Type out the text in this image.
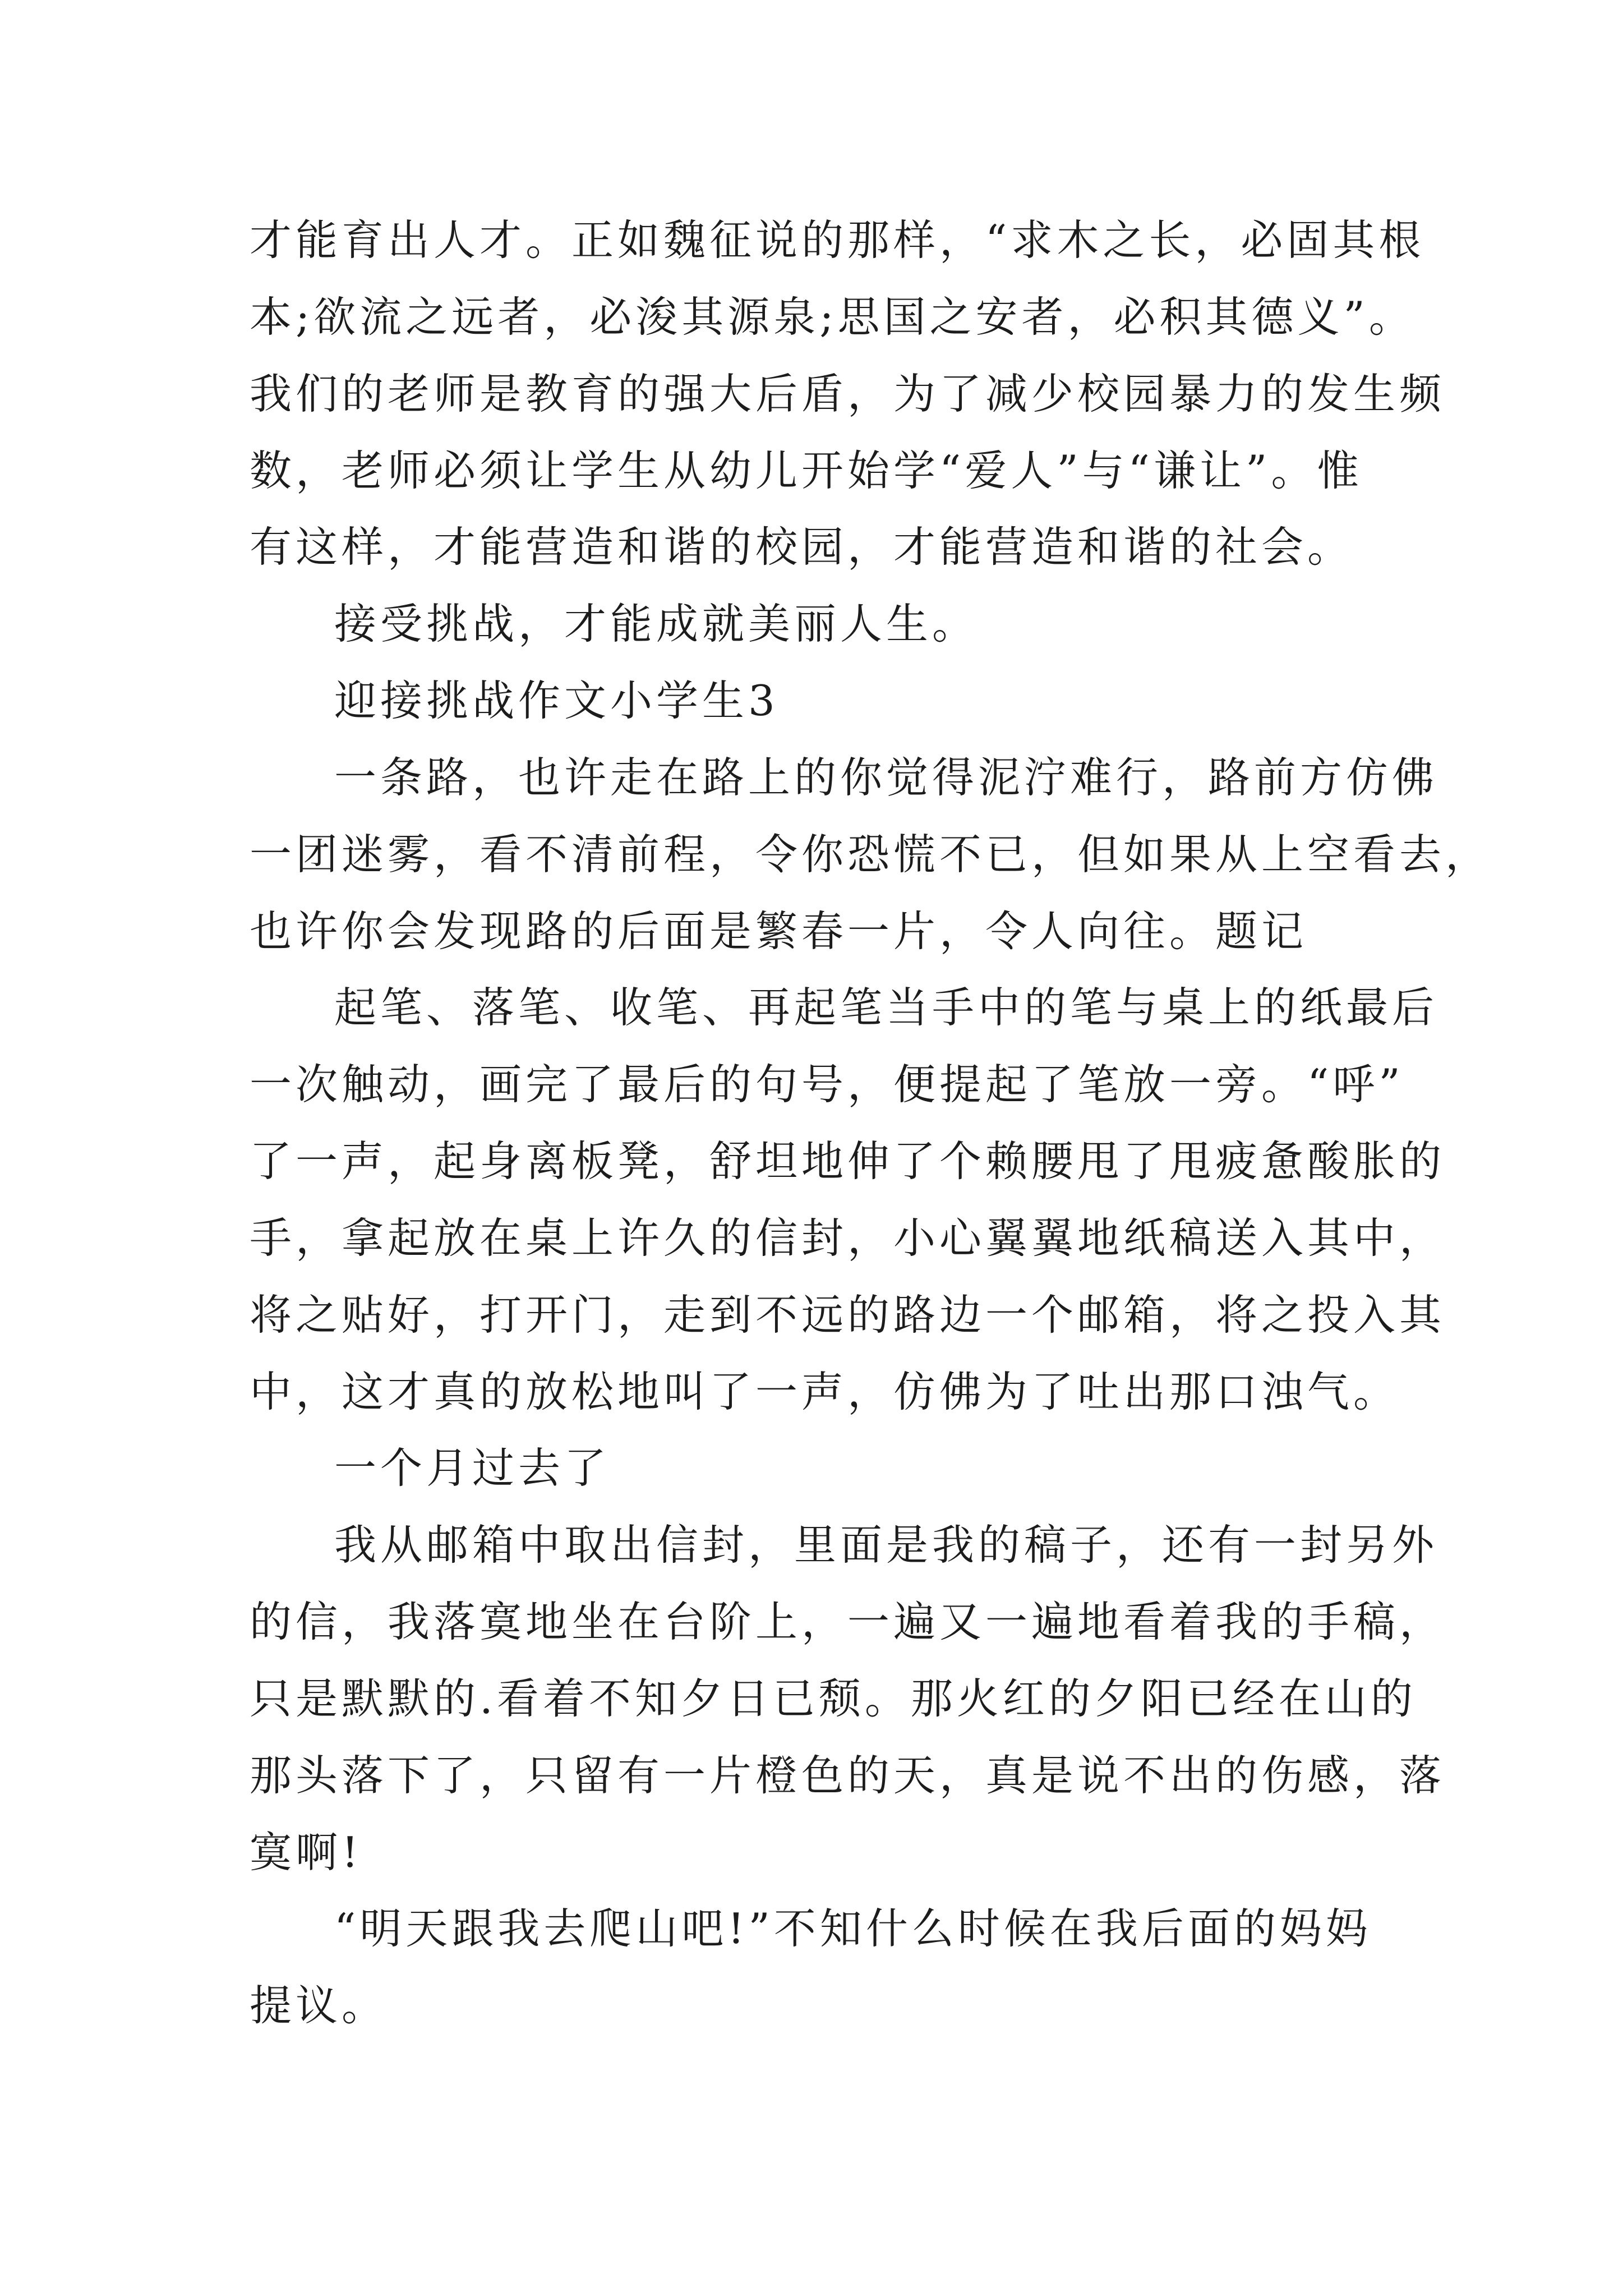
才能育出人才。正如魏征说的那样，“求木之长，必固其根
本;欲流之远者，必浚其源泉;思国之安者，必积其德义”。
我们的老师是教育的强大后盾，为了减少校园暴力的发生频
数，老师必须让学生从幼儿开始学“爱人”与“谦让”。惟
有这样，才能营造和谐的校园，才能营造和谐的社会。
接受挑战，才能成就美丽人生。
迎接挑战作文小学生3
一条路，也许走在路上的你觉得泥泞难行，路前方仿佛
一团迷雾，看不清前程，令你恐慌不已，但如果从上空看去，
也许你会发现路的后面是繁春一片，令人向往。题记
起笔、落笔、收笔、再起笔当手中的笔与桌上的纸最后
一次触动，画完了最后的句号，便提起了笔放一旁。“呼”
了一声，起身离板凳，舒坦地伸了个赖腰甩了甩疲惫酸胀的
手，拿起放在桌上许久的信封，小心翼翼地纸稿送入其中，
将之贴好，打开门，走到不远的路边一个邮箱，将之投入其
中，这才真的放松地叫了一声，仿佛为了吐出那口浊气。
一个月过去了
我从邮箱中取出信封，里面是我的稿子，还有一封另外
的信，我落寞地坐在台阶上，一遍又一遍地看着我的手稿，
只是默默的.看着不知夕日已颓。那火红的夕阳已经在山的
那头落下了，只留有一片橙色的天，真是说不出的伤感，落
寞啊!
“明天跟我去爬山吧!”不知什么时候在我后面的妈妈
提议。
